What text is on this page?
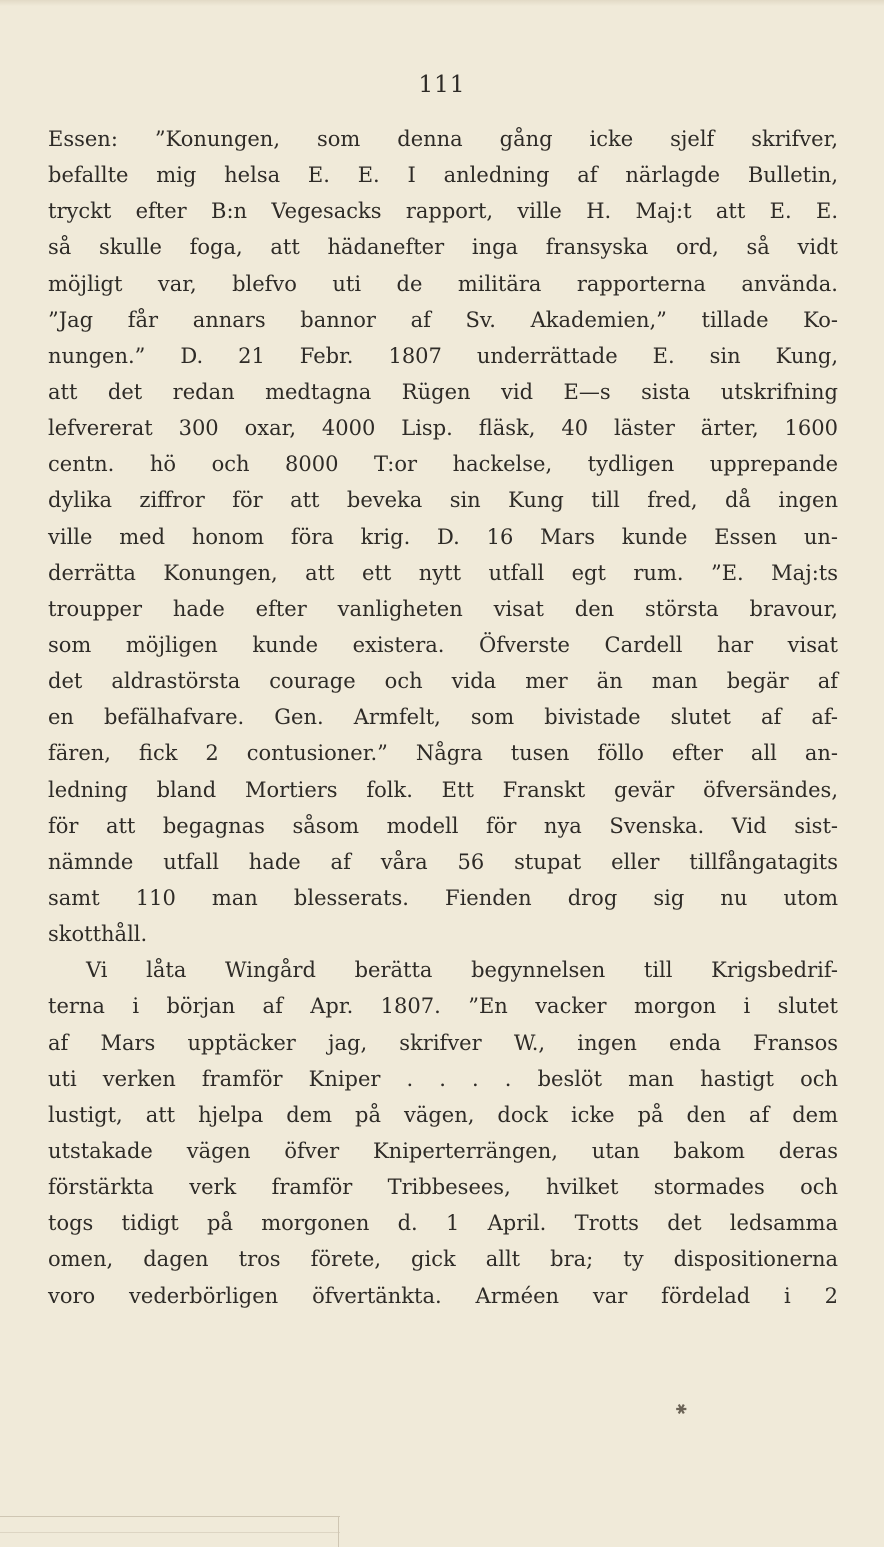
111
Essen: ”Konungen, som denna gång icke sjelf skrifver,
befallte mig helsa E. E. I anledning af närlagde Bulletin,
tryckt efter B:n Vegesacks rapport, ville H. Maj:t att E. E.
så skulle foga, att hädanefter inga fransyska ord, så vidt
möjligt var, blefvo uti de militära rapporterna använda.
”Jag får annars bannor af Sv. Akademien,” tillade Ko-
nungen.” D. 21 Febr. 1807 underrättade E. sin Kung,
att det redan medtagna Rügen vid E—s sista utskrifning
lefvererat 300 oxar, 4000 Lisp. fläsk, 40 läster ärter, 1600
centn. hö och 8000 T:or hackelse, tydligen upprepande
dylika ziffror för att beveka sin Kung till fred, då ingen
ville med honom föra krig. D. 16 Mars kunde Essen un-
derrätta Konungen, att ett nytt utfall egt rum. ”E. Maj:ts
troupper hade efter vanligheten visat den största bravour,
som möjligen kunde existera. Öfverste Cardell har visat
det aldrastörsta courage och vida mer än man begär af
en befälhafvare. Gen. Armfelt, som bivistade slutet af af-
fären, fick 2 contusioner.” Några tusen föllo efter all an-
ledning bland Mortiers folk. Ett Franskt gevär öfversändes,
för att begagnas såsom modell för nya Svenska. Vid sist-
nämnde utfall hade af våra 56 stupat eller tillfångatagits
samt 110 man blesserats. Fienden drog sig nu utom
skotthåll.
Vi låta Wingård berätta begynnelsen till Krigsbedrif-
terna i början af Apr. 1807. ”En vacker morgon i slutet
af Mars upptäcker jag, skrifver W., ingen enda Fransos
uti verken framför Kniper . . . . beslöt man hastigt och
lustigt, att hjelpa dem på vägen, dock icke på den af dem
utstakade vägen öfver Kniperterrängen, utan bakom deras
förstärkta verk framför Tribbesees, hvilket stormades och
togs tidigt på morgonen d. 1 April. Trotts det ledsamma
omen, dagen tros förete, gick allt bra; ty dispositionerna
voro vederbörligen öfvertänkta. Arméen var fördelad i 2
✱
